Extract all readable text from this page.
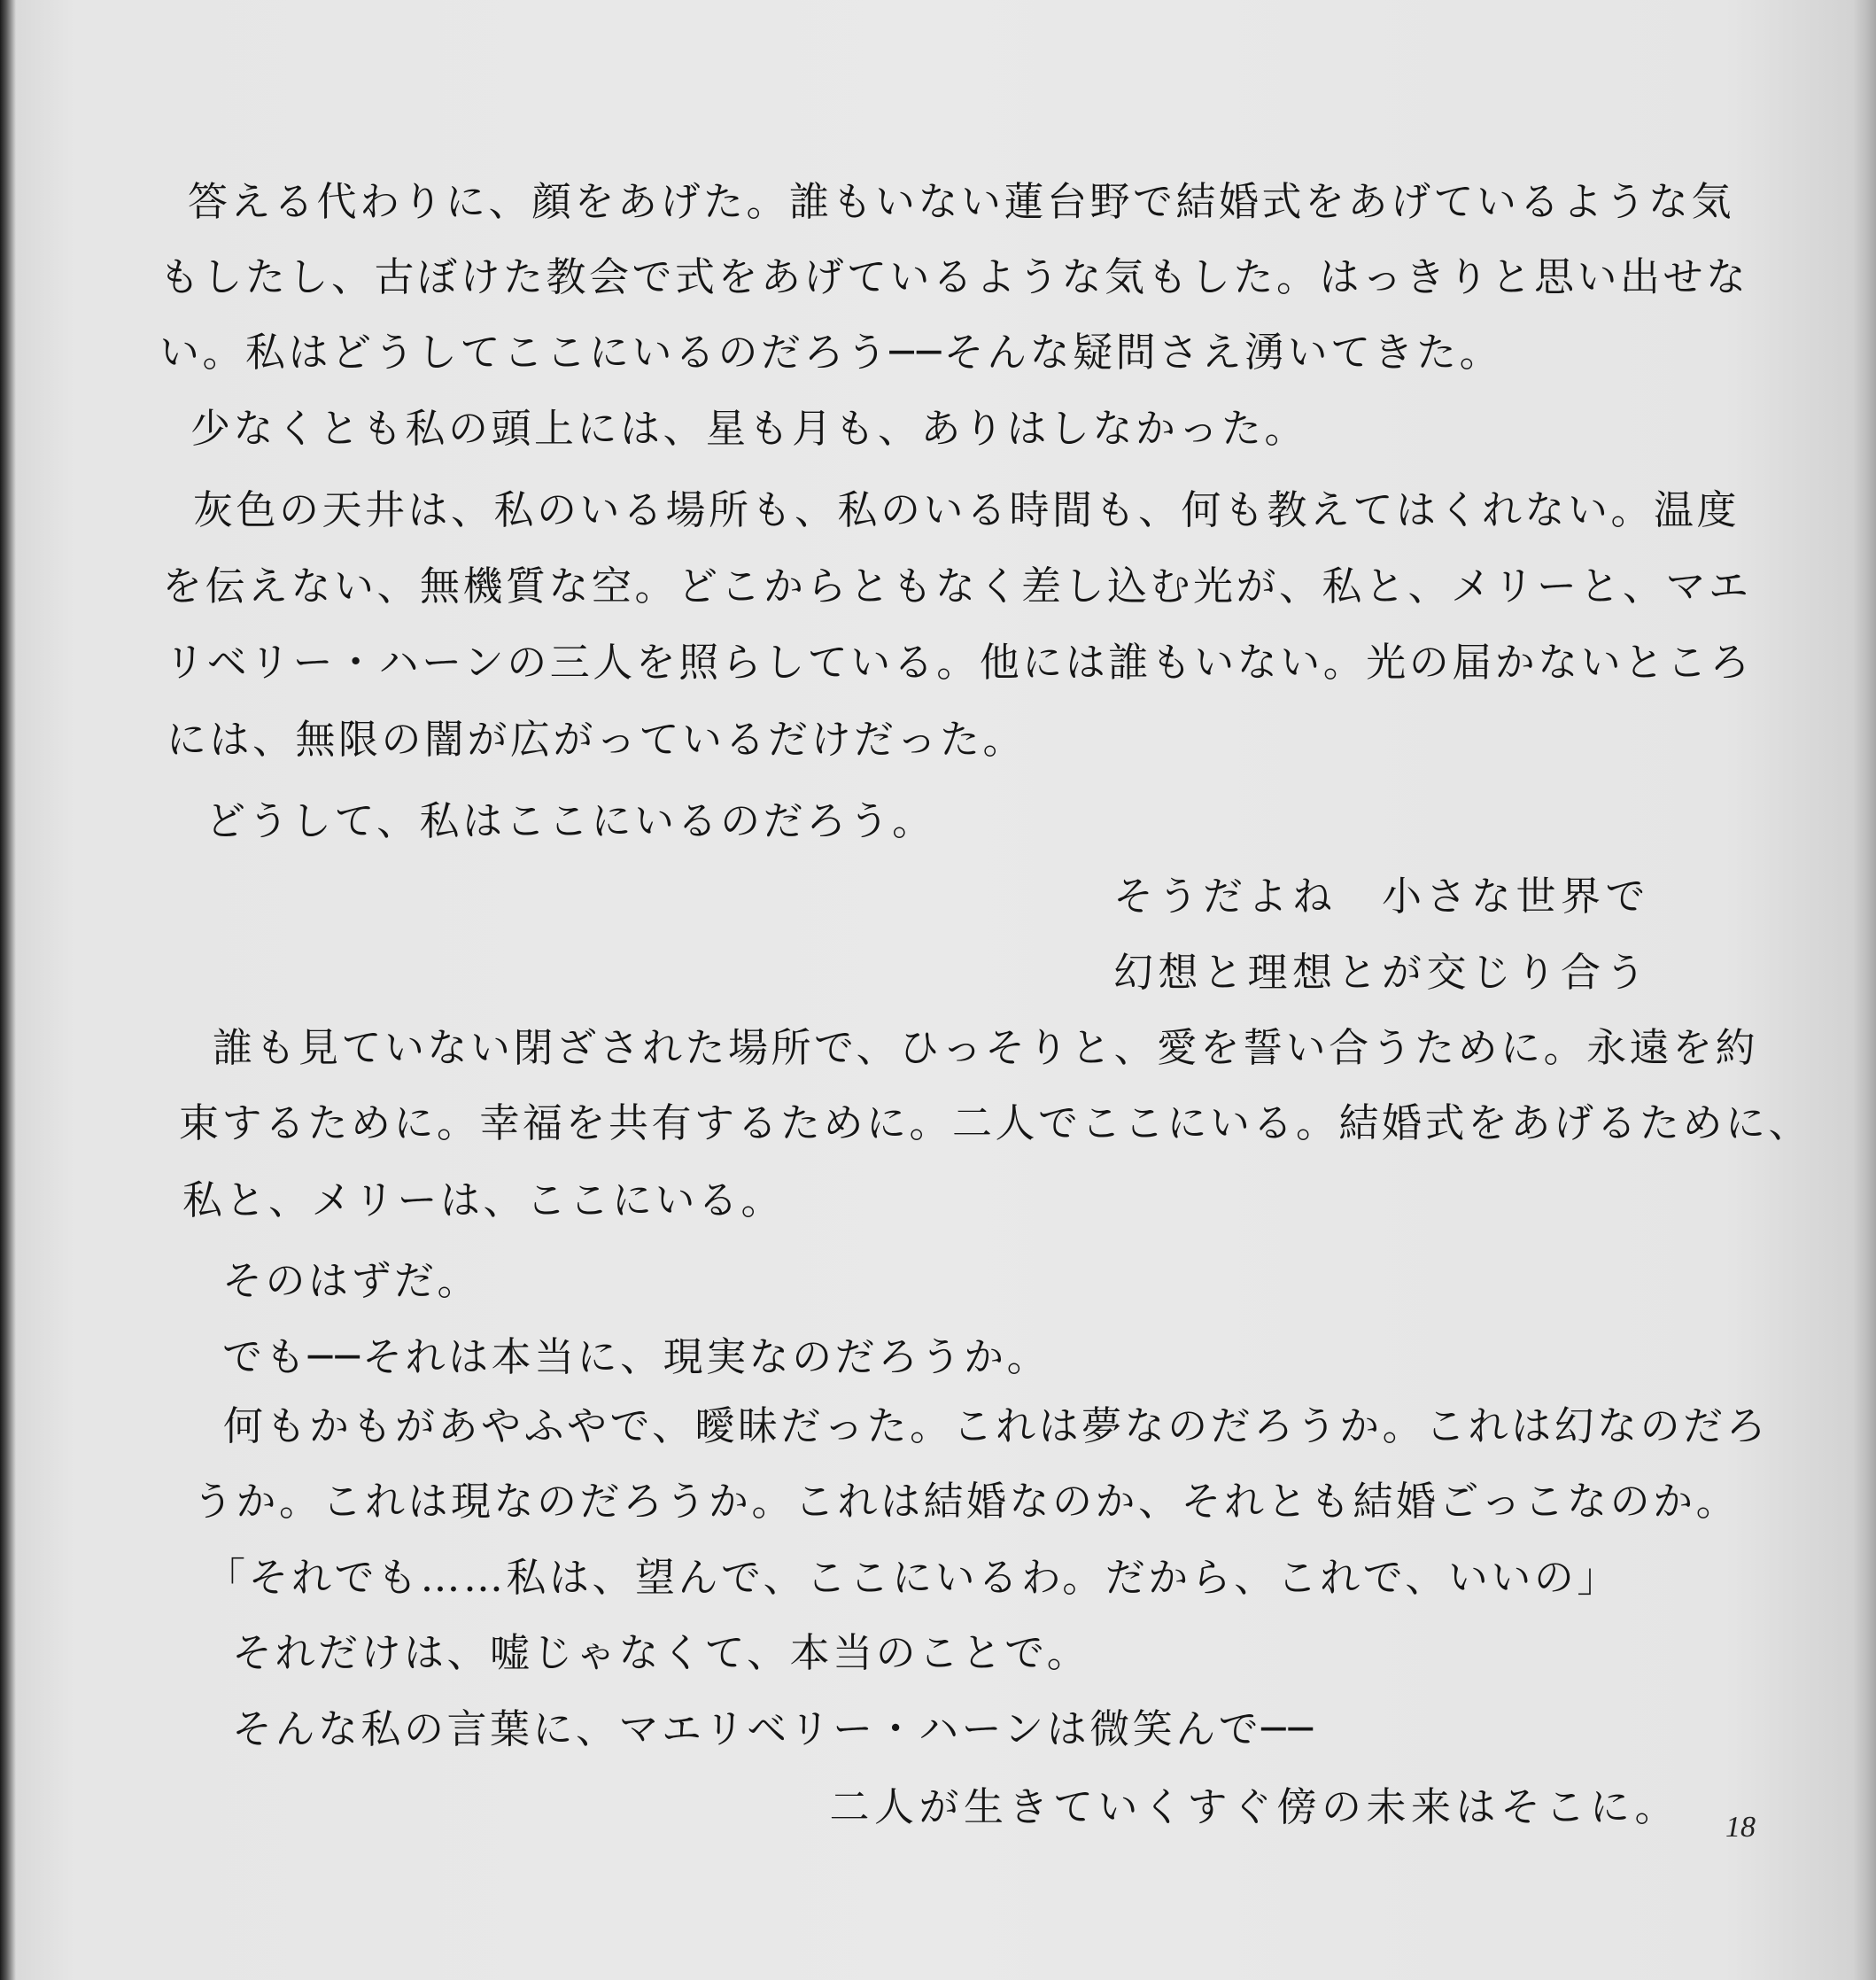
答える代わりに、顔をあげた。誰もいない蓮台野で結婚式をあげているような気

もしたし、古ぼけた教会で式をあげているような気もした。はっきりと思い出せな

い。私はどうしてここにいるのだろう──そんな疑問さえ湧いてきた。

少なくとも私の頭上には、星も月も、ありはしなかった。

灰色の天井は、私のいる場所も、私のいる時間も、何も教えてはくれない。温度

を伝えない、無機質な空。どこからともなく差し込む光が、私と、メリーと、マエ

リベリー・ハーンの三人を照らしている。他には誰もいない。光の届かないところ

には、無限の闇が広がっているだけだった。

どうして、私はここにいるのだろう。

そうだよね　小さな世界で

幻想と理想とが交じり合う

誰も見ていない閉ざされた場所で、ひっそりと、愛を誓い合うために。永遠を約

束するために。幸福を共有するために。二人でここにいる。結婚式をあげるために、

私と、メリーは、ここにいる。

そのはずだ。

でも──それは本当に、現実なのだろうか。

何もかもがあやふやで、曖昧だった。これは夢なのだろうか。これは幻なのだろ

うか。これは現なのだろうか。これは結婚なのか、それとも結婚ごっこなのか。

「それでも……私は、望んで、ここにいるわ。だから、これで、いいの」

それだけは、嘘じゃなくて、本当のことで。

そんな私の言葉に、マエリベリー・ハーンは微笑んで──

二人が生きていくすぐ傍の未来はそこに。 18
